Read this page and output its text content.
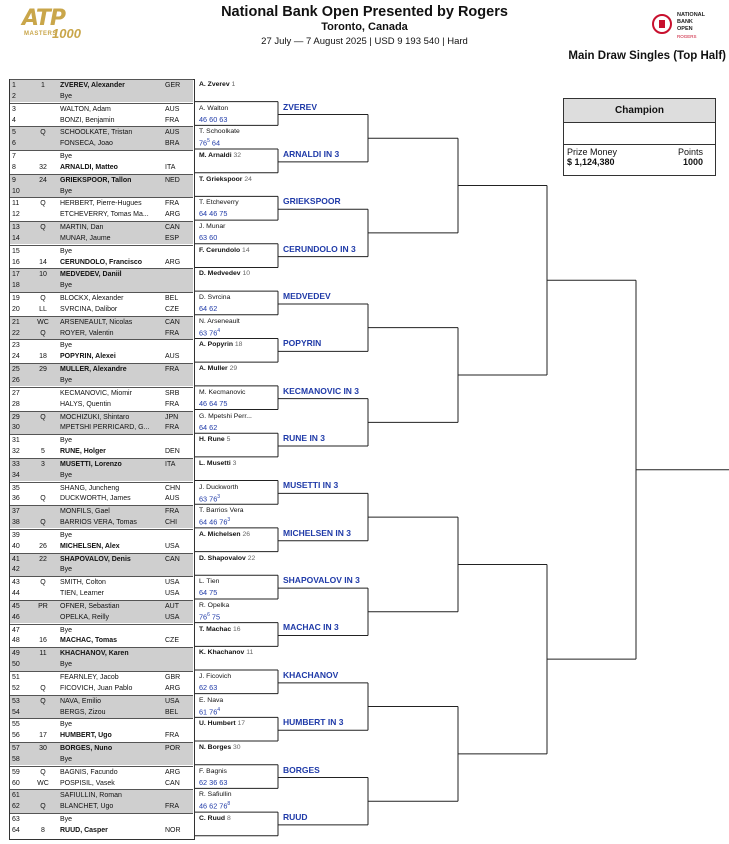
ATP
MASTERS
1000
National Bank Open Presented by Rogers
Toronto, Canada
27 July — 7 August 2025 | USD 9 193 540 | Hard
NATIONAL
BANK
OPEN
ROGERS
Main Draw Singles (Top Half)
Champion
Prize Money
$ 1,124,380
Points
1000
1	1	ZVEREV, Alexander	GER
2	Bye
3	WALTON, Adam	AUS
4	BONZI, Benjamin	FRA
5	Q	SCHOOLKATE, Tristan	AUS
6	FONSECA, Joao	BRA
7	Bye
8	32	ARNALDI, Matteo	ITA
9	24	GRIEKSPOOR, Tallon	NED
10	Bye
11	Q	HERBERT, Pierre-Hugues	FRA
12	ETCHEVERRY, Tomas Ma...	ARG
13	Q	MARTIN, Dan	CAN
14	MUNAR, Jaume	ESP
15	Bye
16	14	CERUNDOLO, Francisco	ARG
17	10	MEDVEDEV, Daniil
18	Bye
19	Q	BLOCKX, Alexander	BEL
20	LL	SVRCINA, Dalibor	CZE
21	WC	ARSENEAULT, Nicolas	CAN
22	Q	ROYER, Valentin	FRA
23	Bye
24	18	POPYRIN, Alexei	AUS
25	29	MULLER, Alexandre	FRA
26	Bye
27	KECMANOVIC, Miomir	SRB
28	HALYS, Quentin	FRA
29	Q	MOCHIZUKI, Shintaro	JPN
30	MPETSHI PERRICARD, G...	FRA
31	Bye
32	5	RUNE, Holger	DEN
33	3	MUSETTI, Lorenzo	ITA
34	Bye
35	SHANG, Juncheng	CHN
36	Q	DUCKWORTH, James	AUS
37	MONFILS, Gael	FRA
38	Q	BARRIOS VERA, Tomas	CHI
39	Bye
40	26	MICHELSEN, Alex	USA
41	22	SHAPOVALOV, Denis	CAN
42	Bye
43	Q	SMITH, Colton	USA
44	TIEN, Learner	USA
45	PR	OFNER, Sebastian	AUT
46	OPELKA, Reilly	USA
47	Bye
48	16	MACHAC, Tomas	CZE
49	11	KHACHANOV, Karen
50	Bye
51	FEARNLEY, Jacob	GBR
52	Q	FICOVICH, Juan Pablo	ARG
53	Q	NAVA, Emilio	USA
54	BERGS, Zizou	BEL
55	Bye
56	17	HUMBERT, Ugo	FRA
57	30	BORGES, Nuno	POR
58	Bye
59	Q	BAGNIS, Facundo	ARG
60	WC	POSPISIL, Vasek	CAN
61	SAFIULLIN, Roman
62	Q	BLANCHET, Ugo	FRA
63	Bye
64	8	RUUD, Casper	NOR
A. Zverev 1
A. Walton
46 60 63
T. Schoolkate
$76^5$ 64
M. Arnaldi 32
T. Griekspoor 24
T. Etcheverry
64 46 75
J. Munar
63 60
F. Cerundolo 14
D. Medvedev 10
D. Svrcina
64 62
N. Arseneault
63 $76^4$
A. Popyrin 18
A. Muller 29
M. Kecmanovic
46 64 75
G. Mpetshi Perr...
64 62
H. Rune 5
L. Musetti 3
J. Duckworth
63 $76^3$
T. Barrios Vera
64 46 $76^3$
A. Michelsen 26
D. Shapovalov 22
L. Tien
64 75
R. Opelka
$76^6$ 75
T. Machac 16
K. Khachanov 11
J. Ficovich
62 63
E. Nava
61 $76^4$
U. Humbert 17
N. Borges 30
F. Bagnis
62 36 63
R. Safiullin
46 62 $76^8$
C. Ruud 8
ZVEREV
ARNALDI IN 3
GRIEKSPOOR
CERUNDOLO IN 3
MEDVEDEV
POPYRIN
KECMANOVIC IN 3
RUNE IN 3
MUSETTI IN 3
MICHELSEN IN 3
SHAPOVALOV IN 3
MACHAC IN 3
KHACHANOV
HUMBERT IN 3
BORGES
RUUD
